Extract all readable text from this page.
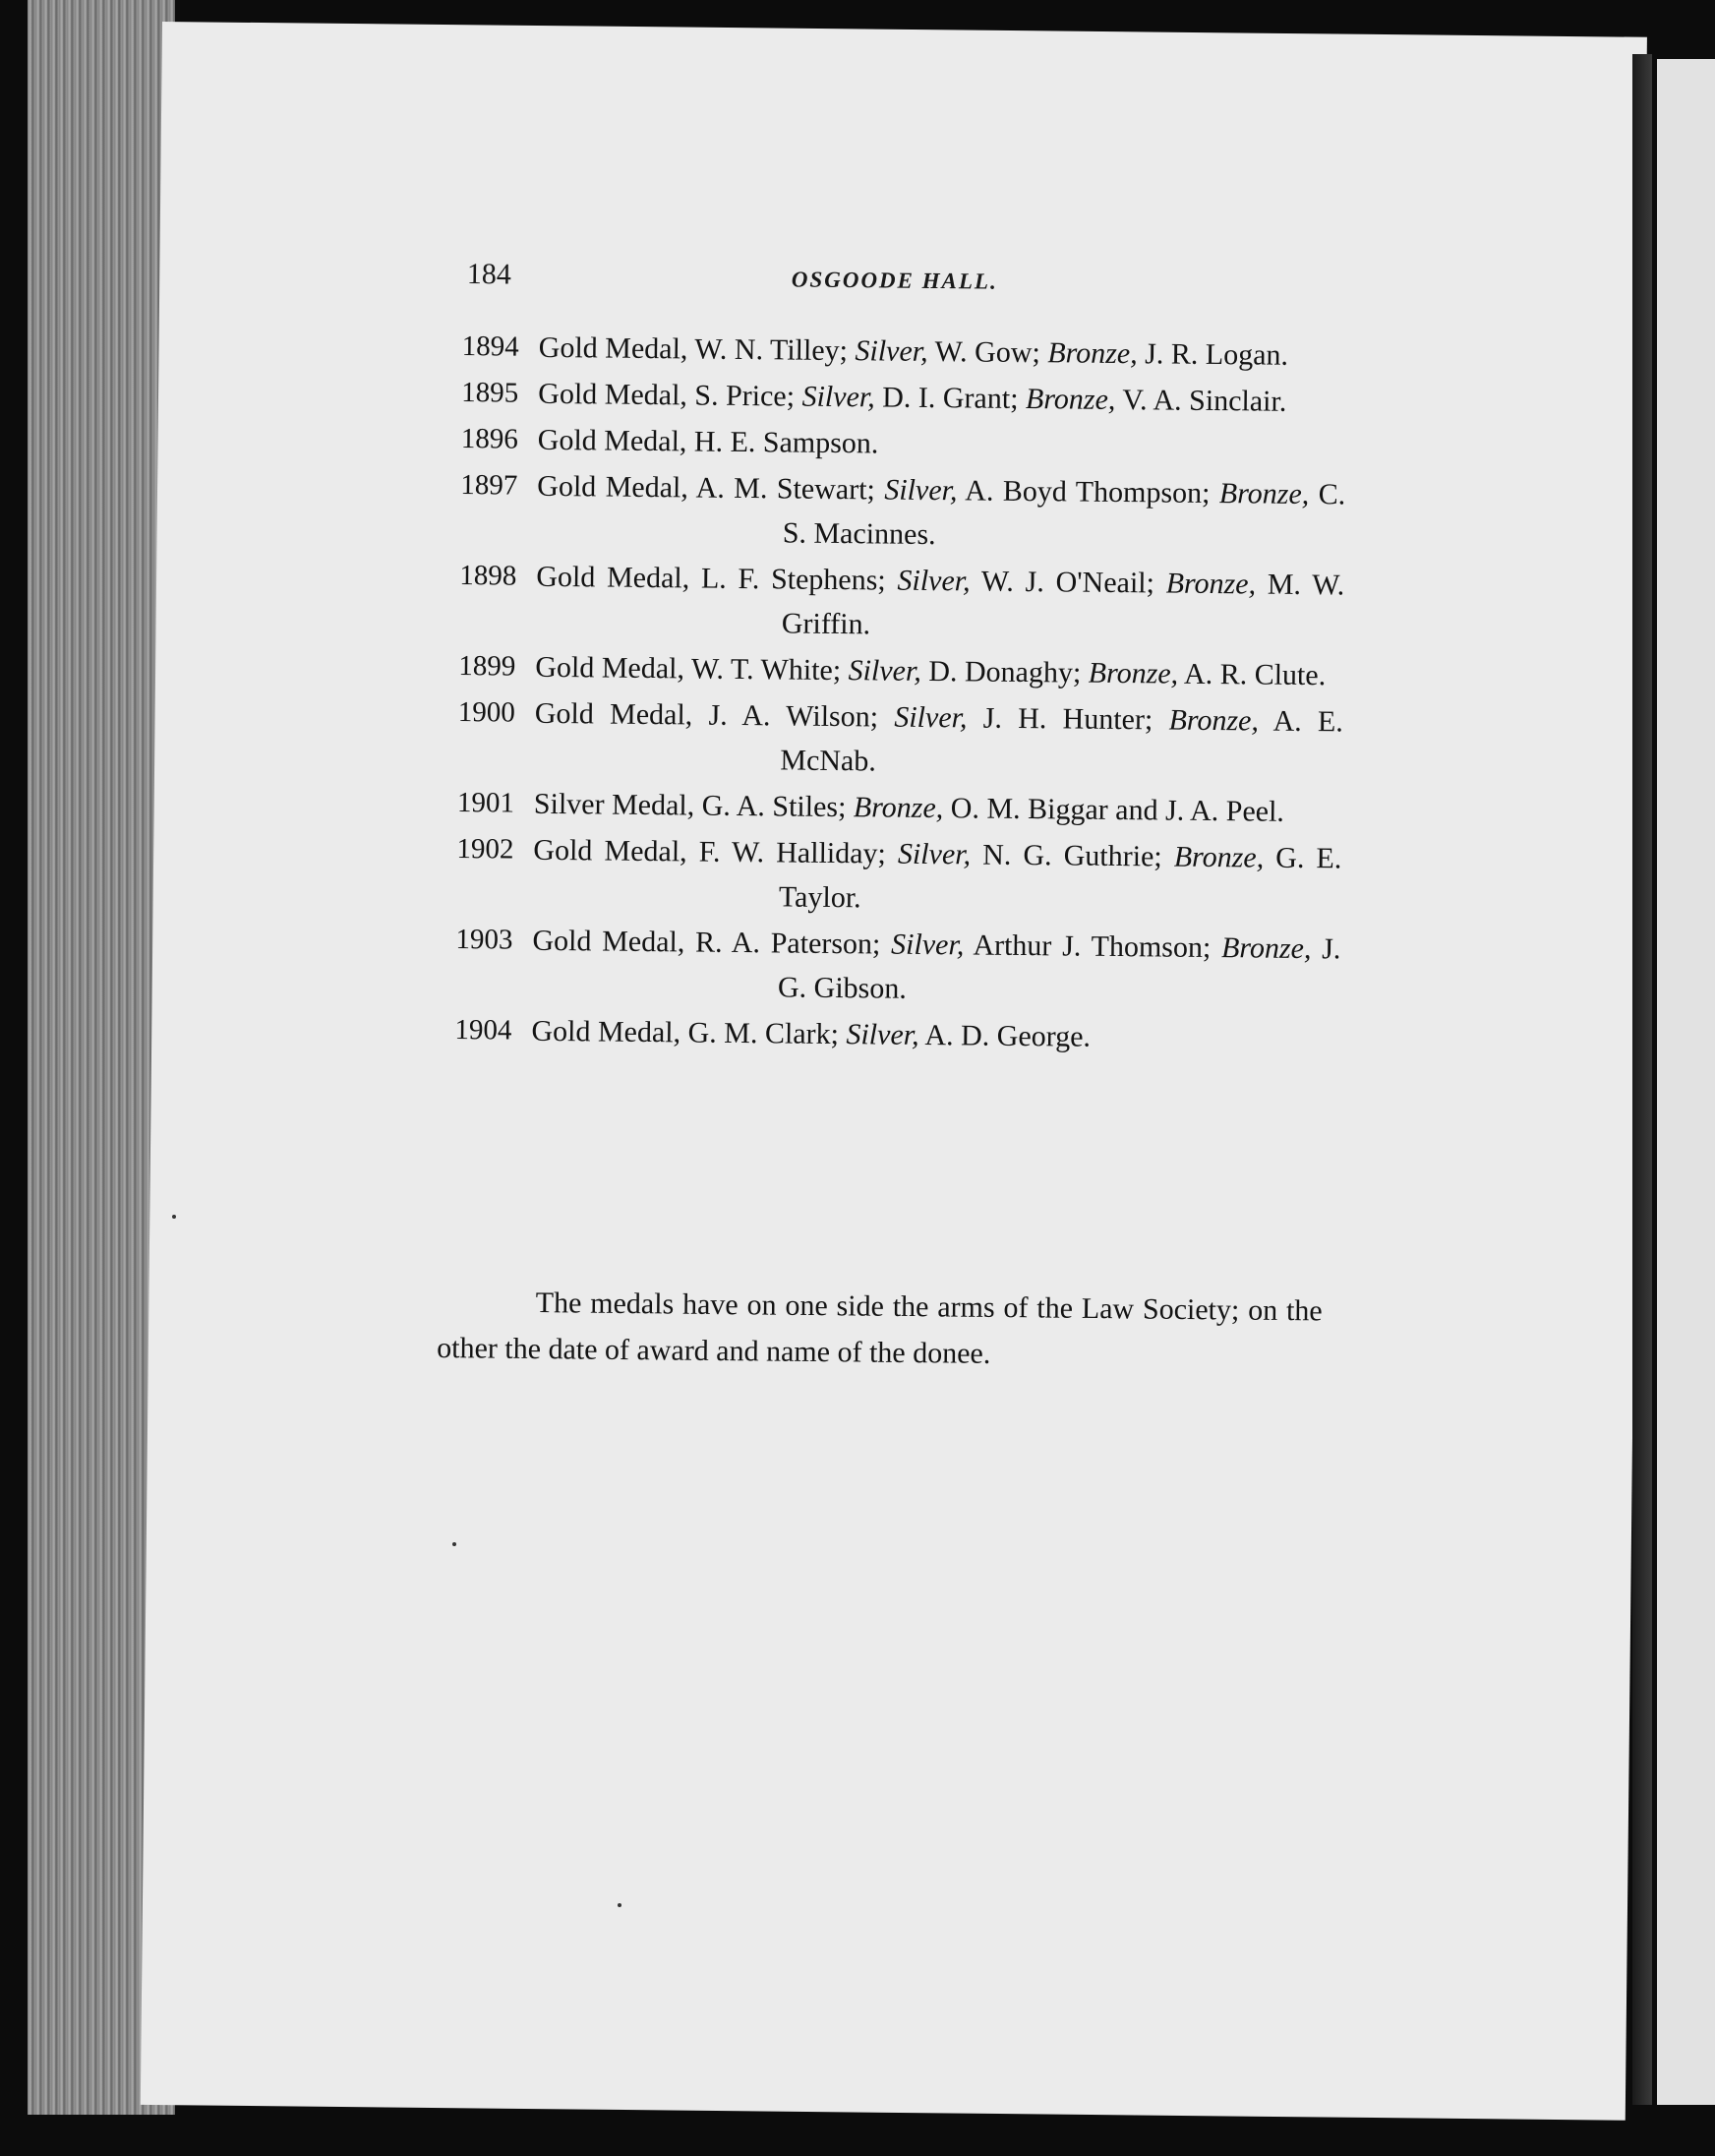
184	OSGOODE HALL.
1894 Gold Medal, W. N. Tilley; Silver, W. Gow; Bronze, J. R. Logan.
1895 Gold Medal, S. Price; Silver, D. I. Grant; Bronze, V. A. Sinclair.
1896 Gold Medal, H. E. Sampson.
1897 Gold Medal, A. M. Stewart; Silver, A. Boyd Thompson; Bronze, C. S. Macinnes.
1898 Gold Medal, L. F. Stephens; Silver, W. J. O'Neail; Bronze, M. W. Griffin.
1899 Gold Medal, W. T. White; Silver, D. Donaghy; Bronze, A. R. Clute.
1900 Gold Medal, J. A. Wilson; Silver, J. H. Hunter; Bronze, A. E. McNab.
1901 Silver Medal, G. A. Stiles; Bronze, O. M. Biggar and J. A. Peel.
1902 Gold Medal, F. W. Halliday; Silver, N. G. Guthrie; Bronze, G. E. Taylor.
1903 Gold Medal, R. A. Paterson; Silver, Arthur J. Thomson; Bronze, J. G. Gibson.
1904 Gold Medal, G. M. Clark; Silver, A. D. George.

The medals have on one side the arms of the Law Society; on the other the date of award and name of the donee.
